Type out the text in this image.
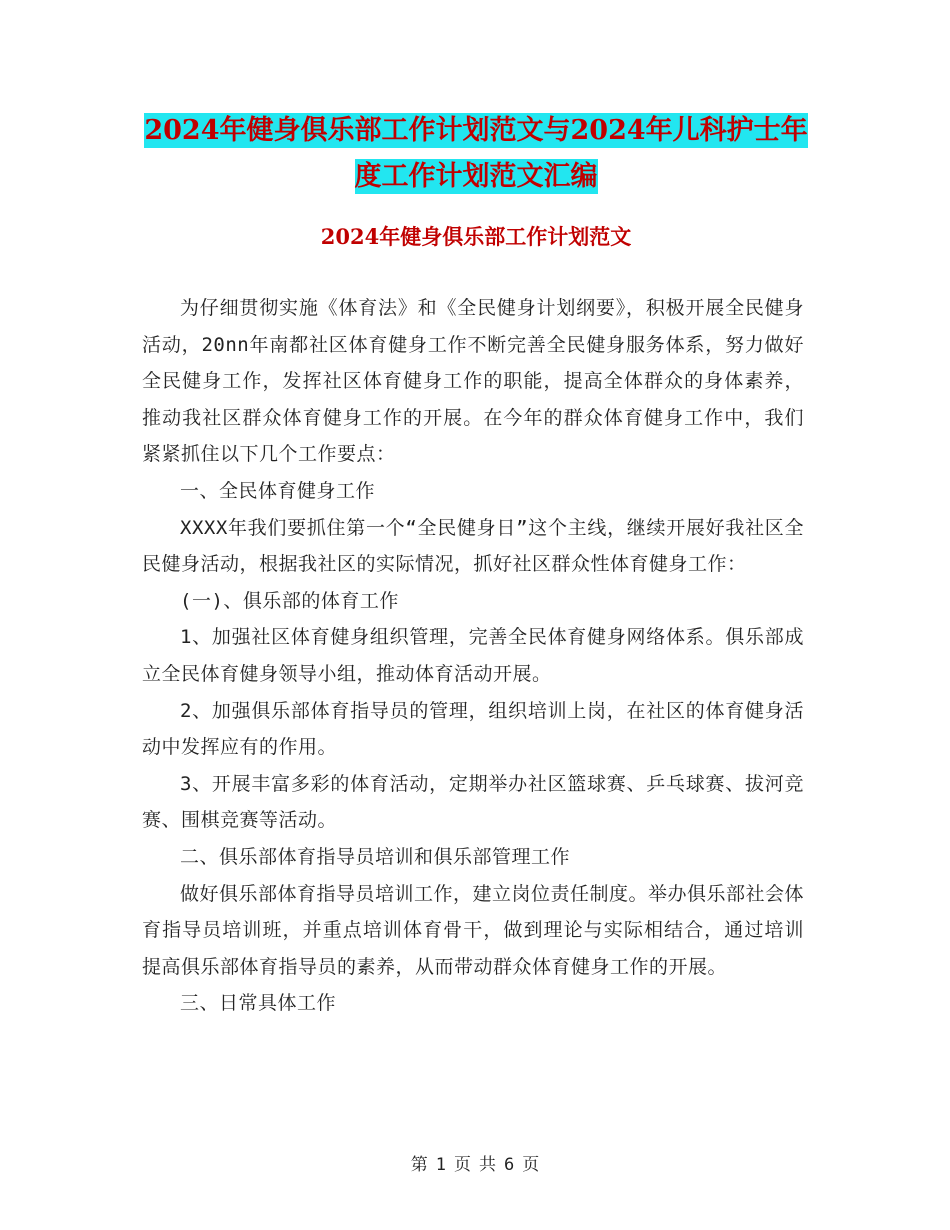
2024年健身俱乐部工作计划范文与2024年儿科护士年
度工作计划范文汇编
2024年健身俱乐部工作计划范文

为仔细贯彻实施《体育法》和《全民健身计划纲要》，积极开展全民健身活动，20nn年南都社区体育健身工作不断完善全民健身服务体系，努力做好全民健身工作，发挥社区体育健身工作的职能，提高全体群众的身体素养，推动我社区群众体育健身工作的开展。在今年的群众体育健身工作中，我们紧紧抓住以下几个工作要点：

一、全民体育健身工作

XXXX年我们要抓住第一个“全民健身日”这个主线，继续开展好我社区全民健身活动，根据我社区的实际情况，抓好社区群众性体育健身工作：

(一)、俱乐部的体育工作

1、加强社区体育健身组织管理，完善全民体育健身网络体系。俱乐部成立全民体育健身领导小组，推动体育活动开展。

2、加强俱乐部体育指导员的管理，组织培训上岗，在社区的体育健身活动中发挥应有的作用。

3、开展丰富多彩的体育活动，定期举办社区篮球赛、乒乓球赛、拔河竞赛、围棋竞赛等活动。

二、俱乐部体育指导员培训和俱乐部管理工作

做好俱乐部体育指导员培训工作，建立岗位责任制度。举办俱乐部社会体育指导员培训班，并重点培训体育骨干，做到理论与实际相结合，通过培训提高俱乐部体育指导员的素养，从而带动群众体育健身工作的开展。

三、日常具体工作

第 1 页 共 6 页
